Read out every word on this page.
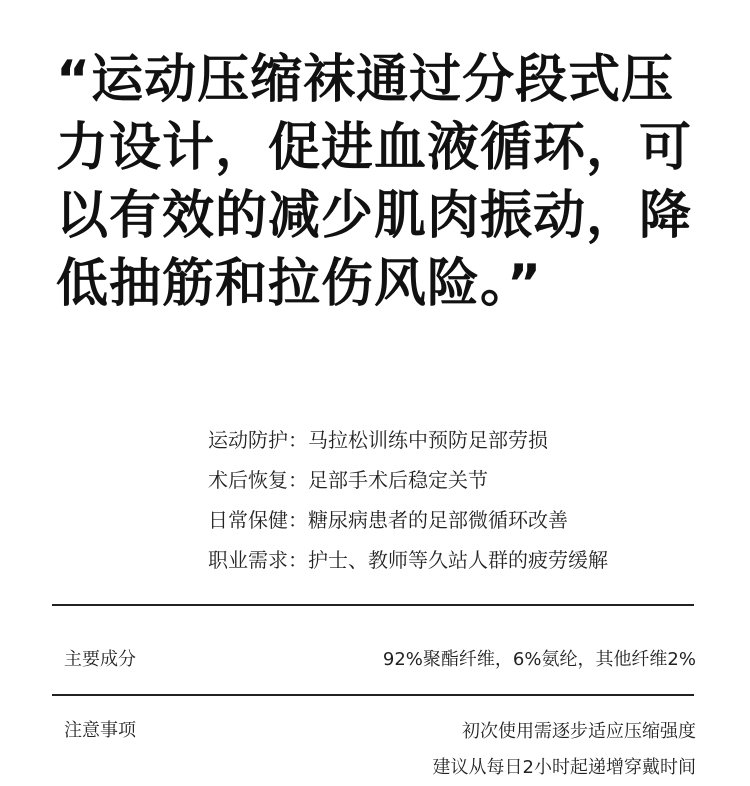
“运动压缩袜通过分段式压力设计，促进血液循环，可以有效的减少肌肉振动，降低抽筋和拉伤风险。”

运动防护：马拉松训练中预防足部劳损
术后恢复：足部手术后稳定关节
日常保健：糖尿病患者的足部微循环改善
职业需求：护士、教师等久站人群的疲劳缓解
主要成分	92%聚酯纤维，6%氨纶，其他纤维2%
注意事项	初次使用需逐步适应压缩强度
建议从每日2小时起递增穿戴时间
